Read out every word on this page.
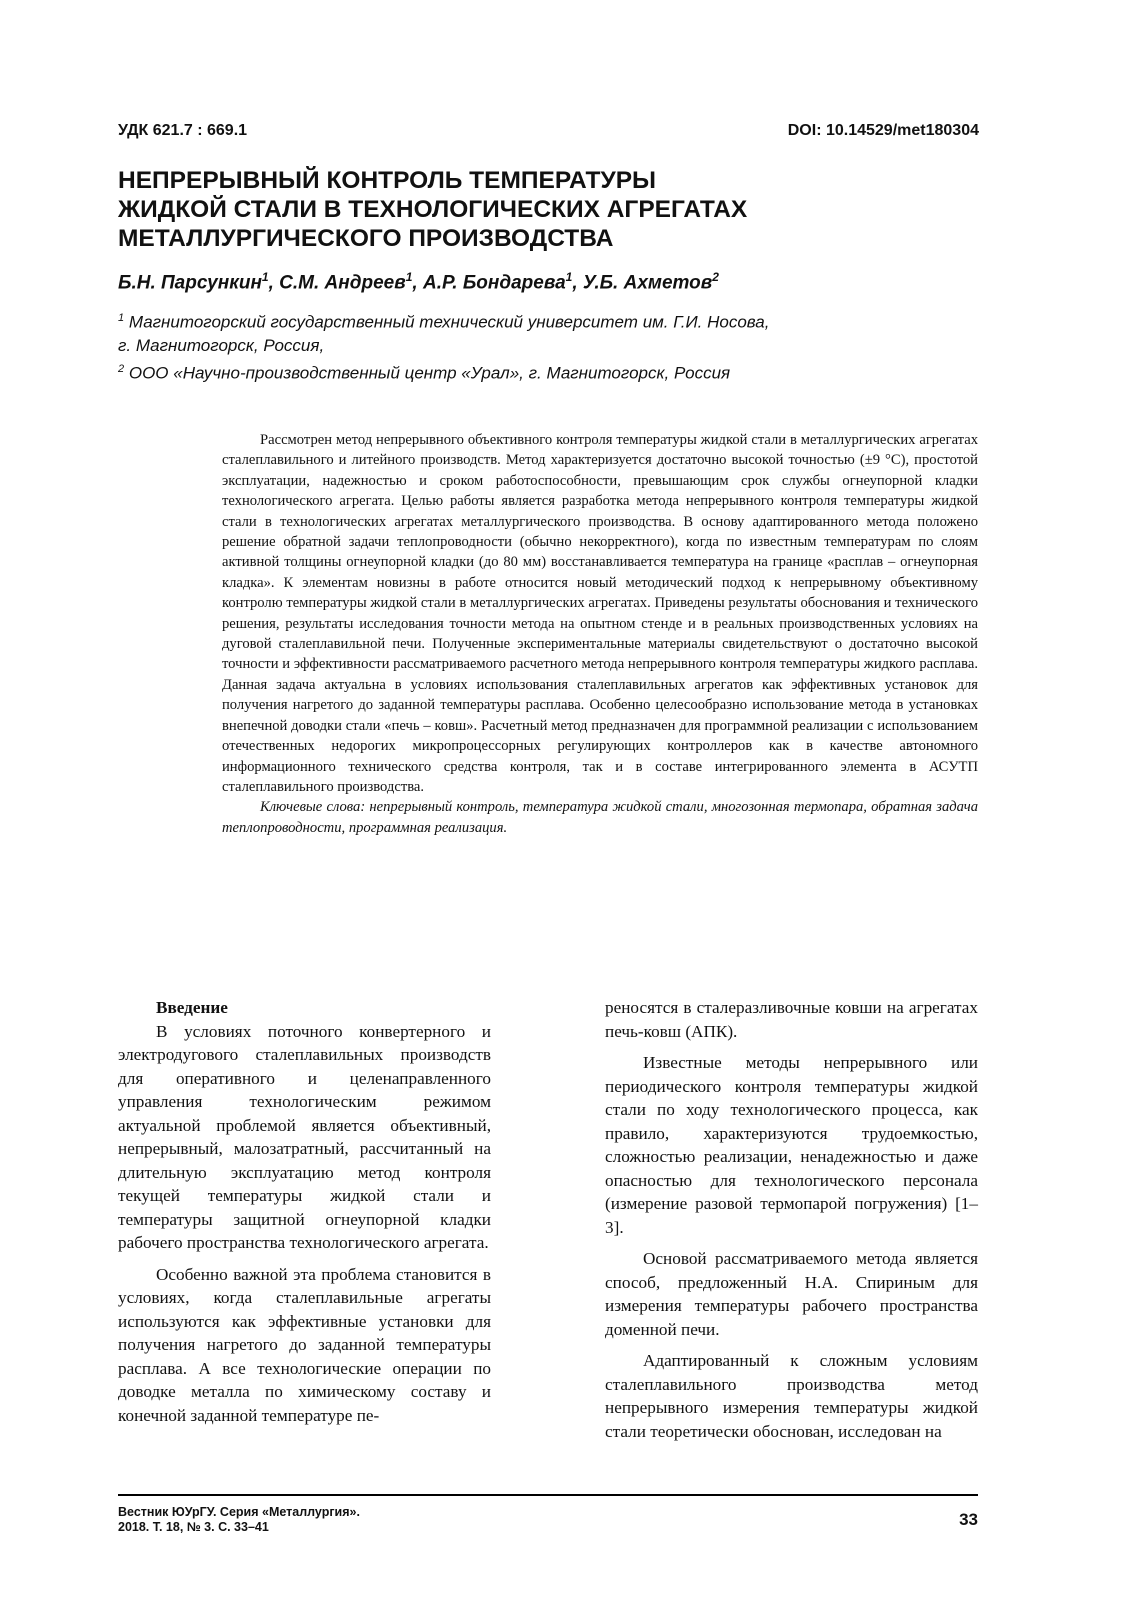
УДК 621.7 : 669.1	DOI: 10.14529/met180304
НЕПРЕРЫВНЫЙ КОНТРОЛЬ ТЕМПЕРАТУРЫ
ЖИДКОЙ СТАЛИ В ТЕХНОЛОГИЧЕСКИХ АГРЕГАТАХ
МЕТАЛЛУРГИЧЕСКОГО ПРОИЗВОДСТВА
Б.Н. Парсункин$^1$, С.М. Андреев$^1$, А.Р. Бондарева$^1$, У.Б. Ахметов$^2$
$^1$ Магнитогорский государственный технический университет им. Г.И. Носова,
г. Магнитогорск, Россия,
$^2$ ООО «Научно-производственный центр «Урал», г. Магнитогорск, Россия

Рассмотрен метод непрерывного объективного контроля температуры жидкой стали в металлургических агрегатах сталеплавильного и литейного производств. Метод характеризуется достаточно высокой точностью (±9 °С), простотой эксплуатации, надежностью и сроком работоспособности, превышающим срок службы огнеупорной кладки технологического агрегата. Целью работы является разработка метода непрерывного контроля температуры жидкой стали в технологических агрегатах металлургического производства. В основу адаптированного метода положено решение обратной задачи теплопроводности (обычно некорректного), когда по известным температурам по слоям активной толщины огнеупорной кладки (до 80 мм) восстанавливается температура на границе «расплав – огнеупорная кладка». К элементам новизны в работе относится новый методический подход к непрерывному объективному контролю температуры жидкой стали в металлургических агрегатах. Приведены результаты обоснования и технического решения, результаты исследования точности метода на опытном стенде и в реальных производственных условиях на дуговой сталеплавильной печи. Полученные экспериментальные материалы свидетельствуют о достаточно высокой точности и эффективности рассматриваемого расчетного метода непрерывного контроля температуры жидкого расплава. Данная задача актуальна в условиях использования сталеплавильных агрегатов как эффективных установок для получения нагретого до заданной температуры расплава. Особенно целесообразно использование метода в установках внепечной доводки стали «печь – ковш». Расчетный метод предназначен для программной реализации с использованием отечественных недорогих микропроцессорных регулирующих контроллеров как в качестве автономного информационного технического средства контроля, так и в составе интегрированного элемента в АСУТП сталеплавильного производства.

Ключевые слова: непрерывный контроль, температура жидкой стали, многозонная термопара, обратная задача теплопроводности, программная реализация.

Введение

В условиях поточного конвертерного и электродугового сталеплавильных производств для оперативного и целенаправленного управления технологическим режимом актуальной проблемой является объективный, непрерывный, малозатратный, рассчитанный на длительную эксплуатацию метод контроля текущей температуры жидкой стали и температуры защитной огнеупорной кладки рабочего пространства технологического агрегата.

Особенно важной эта проблема становится в условиях, когда сталеплавильные агрегаты используются как эффективные установки для получения нагретого до заданной температуры расплава. А все технологические операции по доводке металла по химическому составу и конечной заданной температуре пе-

реносятся в сталеразливочные ковши на агрегатах печь-ковш (АПК).

Известные методы непрерывного или периодического контроля температуры жидкой стали по ходу технологического процесса, как правило, характеризуются трудоемкостью, сложностью реализации, ненадежностью и даже опасностью для технологического персонала (измерение разовой термопарой погружения) [1–3].

Основой рассматриваемого метода является способ, предложенный Н.А. Спириным для измерения температуры рабочего пространства доменной печи.

Адаптированный к сложным условиям сталеплавильного производства метод непрерывного измерения температуры жидкой стали теоретически обоснован, исследован на

Вестник ЮУрГУ. Серия «Металлургия».
2018. Т. 18, № 3. С. 33–41	33
